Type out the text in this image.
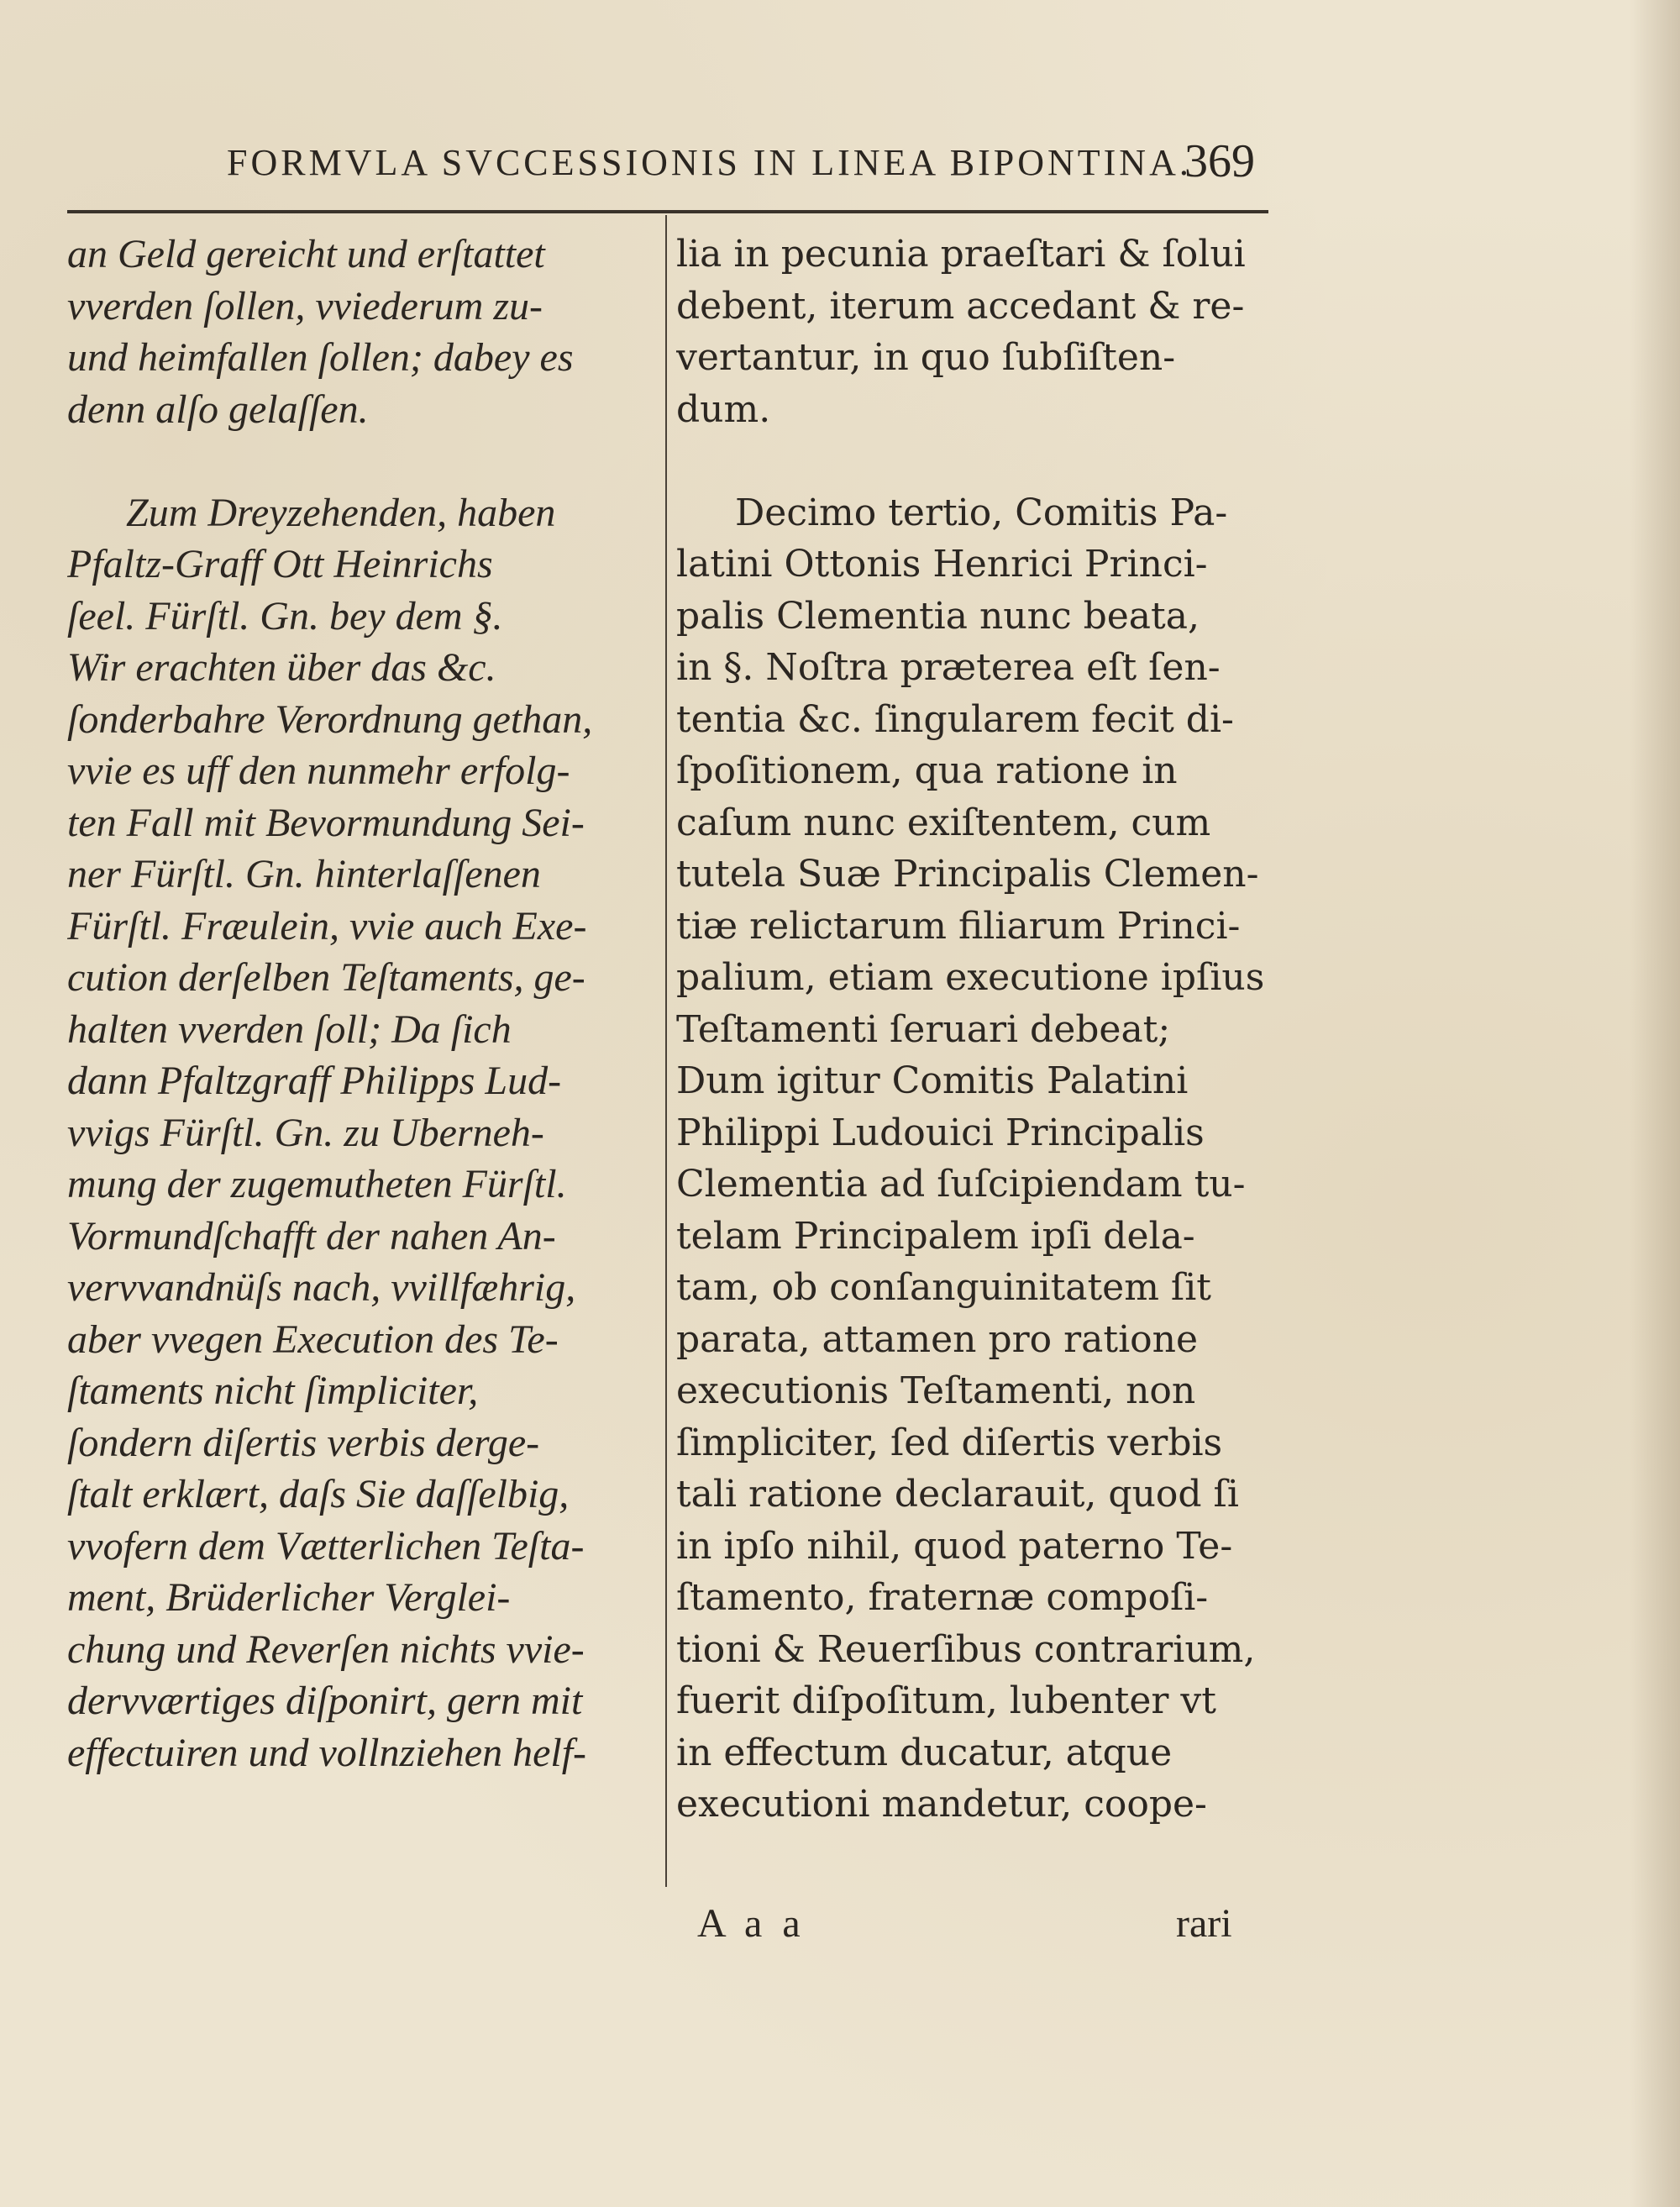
FORMVLA SVCCESSIONIS IN LINEA BIPONTINA.
369
an Geld gereicht und erſtattet
vverden ſollen, vviederum zu-
und heimfallen ſollen; dabey es
denn alſo gelaſſen.
Zum Dreyzehenden, haben
Pfaltz-Graff Ott Heinrichs
ſeel. Fürſtl. Gn. bey dem §.
Wir erachten über das &c.
ſonderbahre Verordnung gethan,
vvie es uff den nunmehr erfolg-
ten Fall mit Bevormundung Sei-
ner Fürſtl. Gn. hinterlaſſenen
Fürſtl. Fræulein, vvie auch Exe-
cution derſelben Teſtaments, ge-
halten vverden ſoll; Da ſich
dann Pfaltzgraff Philipps Lud-
vvigs Fürſtl. Gn. zu Uberneh-
mung der zugemutheten Fürſtl.
Vormundſchafft der nahen An-
vervvandnüſs nach, vvillfæhrig,
aber vvegen Execution des Te-
ſtaments nicht ſimpliciter,
ſondern diſertis verbis derge-
ſtalt erklært, daſs Sie daſſelbig,
vvofern dem Vætterlichen Teſta-
ment, Brüderlicher Verglei-
chung und Reverſen nichts vvie-
dervværtiges diſponirt, gern mit
effectuiren und vollnziehen helf-
lia in pecunia praeſtari & ſolui
debent, iterum accedant & re-
vertantur, in quo ſubſiſten-
dum.
Decimo tertio, Comitis Pa-
latini Ottonis Henrici Princi-
palis Clementia nunc beata,
in §. Noſtra præterea eſt ſen-
tentia &c. ſingularem fecit di-
ſpoſitionem, qua ratione in
caſum nunc exiſtentem, cum
tutela Suæ Principalis Clemen-
tiæ relictarum filiarum Princi-
palium, etiam executione ipſius
Teſtamenti ſeruari debeat;
Dum igitur Comitis Palatini
Philippi Ludouici Principalis
Clementia ad ſuſcipiendam tu-
telam Principalem ipſi dela-
tam, ob conſanguinitatem ſit
parata, attamen pro ratione
executionis Teſtamenti, non
ſimpliciter, ſed diſertis verbis
tali ratione declarauit, quod ſi
in ipſo nihil, quod paterno Te-
ſtamento, fraternæ compoſi-
tioni & Reuerſibus contrarium,
fuerit diſpoſitum, lubenter vt
in effectum ducatur, atque
executioni mandetur, coope-
A a a	rari
